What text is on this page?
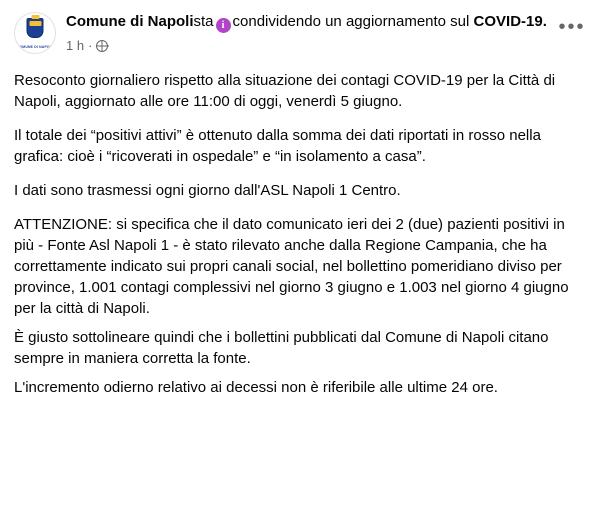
COMUNE DI NAPOLI
Comune di Napolista i condividendo un aggiornamento sul COVID-19.
1 h ·
•••

Resoconto giornaliero rispetto alla situazione dei contagi COVID-19 per la Città di Napoli, aggiornato alle ore 11:00 di oggi, venerdì 5 giugno.

Il totale dei “positivi attivi” è ottenuto dalla somma dei dati riportati in rosso nella grafica: cioè i “ricoverati in ospedale” e “in isolamento a casa”.

I dati sono trasmessi ogni giorno dall'ASL Napoli 1 Centro.

ATTENZIONE: si specifica che il dato comunicato ieri dei 2 (due) pazienti positivi in più - Fonte Asl Napoli 1 - è stato rilevato anche dalla Regione Campania, che ha correttamente indicato sui propri canali social, nel bollettino pomeridiano diviso per province, 1.001 contagi complessivi nel giorno 3 giugno e 1.003 nel giorno 4 giugno per la città di Napoli.

È giusto sottolineare quindi che i bollettini pubblicati dal Comune di Napoli citano sempre in maniera corretta la fonte.

L'incremento odierno relativo ai decessi non è riferibile alle ultime 24 ore.
